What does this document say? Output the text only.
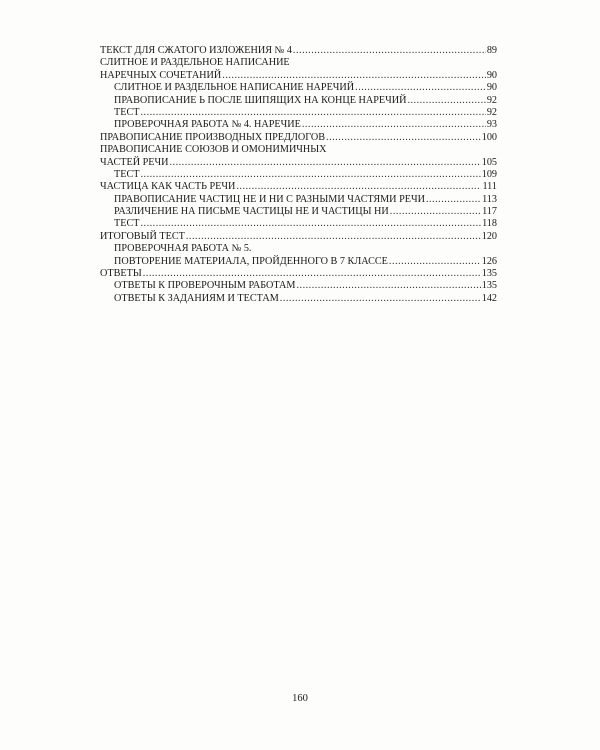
ТЕКСТ ДЛЯ СЖАТОГО ИЗЛОЖЕНИЯ № 4 .....	89
СЛИТНОЕ И РАЗДЕЛЬНОЕ НАПИСАНИЕ
НАРЕЧНЫХ СОЧЕТАНИЙ .....	90
СЛИТНОЕ И РАЗДЕЛЬНОЕ НАПИСАНИЕ НАРЕЧИЙ .....	90
ПРАВОПИСАНИЕ Ь ПОСЛЕ ШИПЯЩИХ НА КОНЦЕ НАРЕЧИЙ .....	92
ТЕСТ .....	92
ПРОВЕРОЧНАЯ РАБОТА № 4. НАРЕЧИЕ .....	93
ПРАВОПИСАНИЕ ПРОИЗВОДНЫХ ПРЕДЛОГОВ .....	100
ПРАВОПИСАНИЕ СОЮЗОВ И ОМОНИМИЧНЫХ
ЧАСТЕЙ РЕЧИ .....	105
ТЕСТ .....	109
ЧАСТИЦА КАК ЧАСТЬ РЕЧИ .....	111
ПРАВОПИСАНИЕ ЧАСТИЦ НЕ И НИ С РАЗНЫМИ ЧАСТЯМИ РЕЧИ .....	113
РАЗЛИЧЕНИЕ НА ПИСЬМЕ ЧАСТИЦЫ НЕ И ЧАСТИЦЫ НИ .....	117
ТЕСТ .....	118
ИТОГОВЫЙ ТЕСТ .....	120
ПРОВЕРОЧНАЯ РАБОТА № 5.
ПОВТОРЕНИЕ МАТЕРИАЛА, ПРОЙДЕННОГО В 7 КЛАССЕ .....	126
ОТВЕТЫ .....	135
ОТВЕТЫ К ПРОВЕРОЧНЫМ РАБОТАМ .....	135
ОТВЕТЫ К ЗАДАНИЯМ И ТЕСТАМ .....	142
160
